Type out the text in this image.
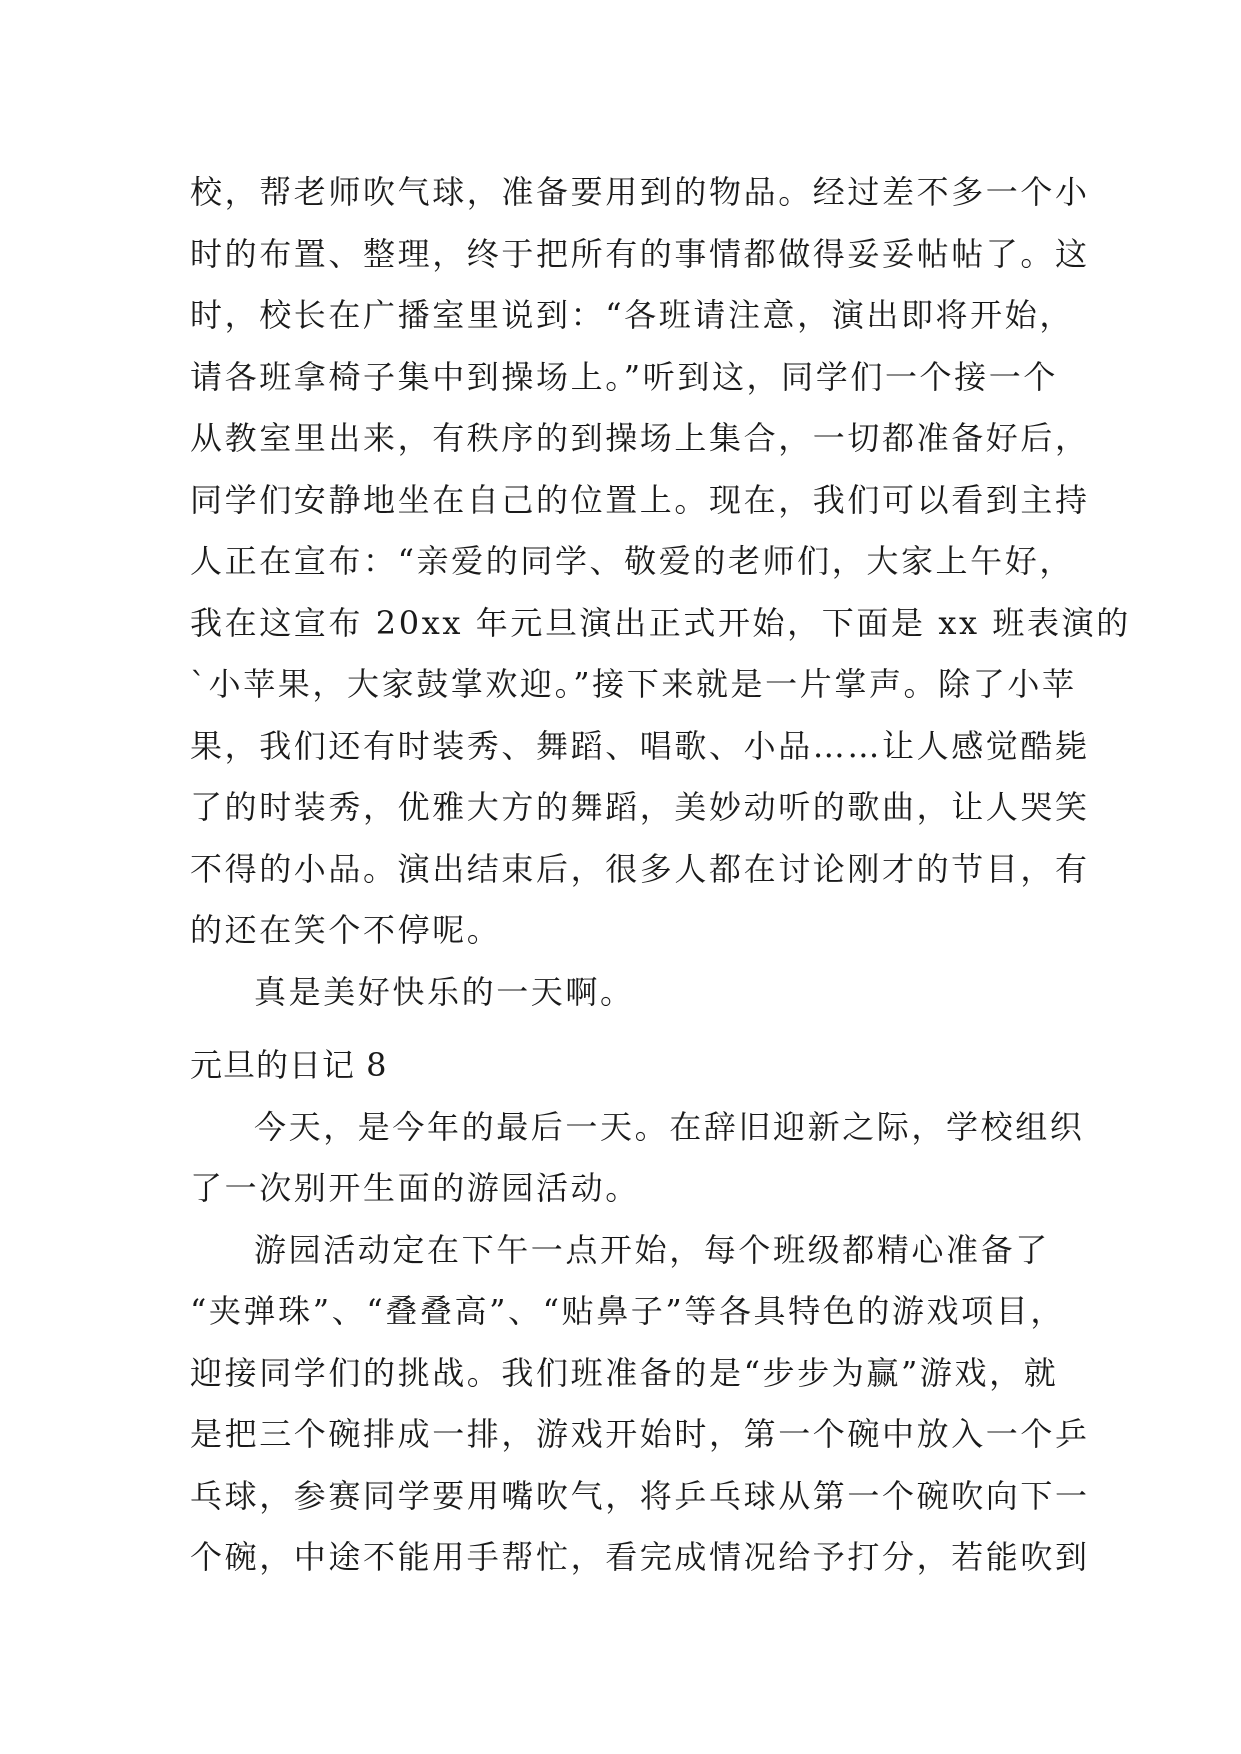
校，帮老师吹气球，准备要用到的物品。经过差不多一个小
时的布置、整理，终于把所有的事情都做得妥妥帖帖了。这
时，校长在广播室里说到：“各班请注意，演出即将开始，
请各班拿椅子集中到操场上。”听到这，同学们一个接一个
从教室里出来，有秩序的到操场上集合，一切都准备好后，
同学们安静地坐在自己的位置上。现在，我们可以看到主持
人正在宣布：“亲爱的同学、敬爱的老师们，大家上午好，
我在这宣布 20xx 年元旦演出正式开始，下面是 xx 班表演的
`小苹果，大家鼓掌欢迎。”接下来就是一片掌声。除了小苹
果，我们还有时装秀、舞蹈、唱歌、小品……让人感觉酷毙
了的时装秀，优雅大方的舞蹈，美妙动听的歌曲，让人哭笑
不得的小品。演出结束后，很多人都在讨论刚才的节目，有
的还在笑个不停呢。
真是美好快乐的一天啊。
元旦的日记 8
今天，是今年的最后一天。在辞旧迎新之际，学校组织
了一次别开生面的游园活动。
游园活动定在下午一点开始，每个班级都精心准备了
“夹弹珠”、“叠叠高”、“贴鼻子”等各具特色的游戏项目，
迎接同学们的挑战。我们班准备的是“步步为赢”游戏，就
是把三个碗排成一排，游戏开始时，第一个碗中放入一个乒
乓球，参赛同学要用嘴吹气，将乒乓球从第一个碗吹向下一
个碗，中途不能用手帮忙，看完成情况给予打分，若能吹到
